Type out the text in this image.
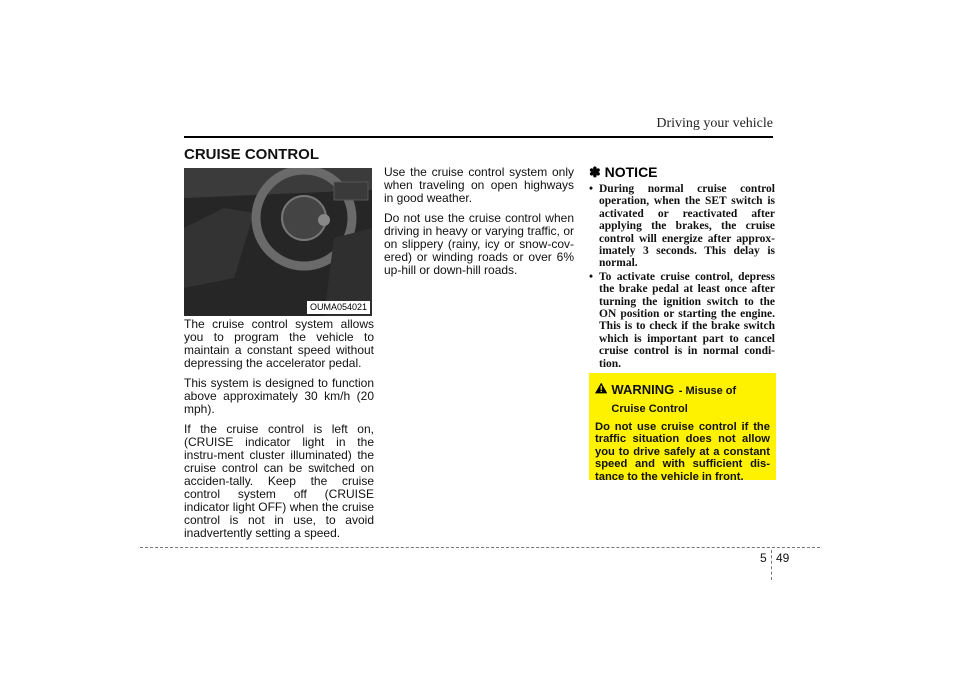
Driving your vehicle
CRUISE CONTROL
OUMA054021

The cruise control system allows you to program the vehicle to maintain a constant speed without depressing the accelerator pedal.

This system is designed to function above approximately 30 km/h (20 mph).

If the cruise control is left on, (CRUISE indicator light in the instru-ment cluster illuminated) the cruise control can be switched on acciden-tally. Keep the cruise control system off (CRUISE indicator light OFF) when the cruise control is not in use, to avoid inadvertently setting a speed.

Use the cruise control system only when traveling on open highways in good weather.

Do not use the cruise control when driving in heavy or varying traffic, or on slippery (rainy, icy or snow-cov-ered) or winding roads or over 6% up-hill or down-hill roads.

✽ NOTICE
• During normal cruise control operation, when the SET switch is activated or reactivated after applying the brakes, the cruise control will energize after approx-imately 3 seconds. This delay is normal.
• To activate cruise control, depress the brake pedal at least once after turning the ignition switch to the ON position or starting the engine. This is to check if the brake switch which is important part to cancel cruise control is in normal condi-tion.
WARNING - Misuse of Cruise Control
Do not use cruise control if the traffic situation does not allow you to drive safely at a constant speed and with sufficient dis-tance to the vehicle in front.
5 49
